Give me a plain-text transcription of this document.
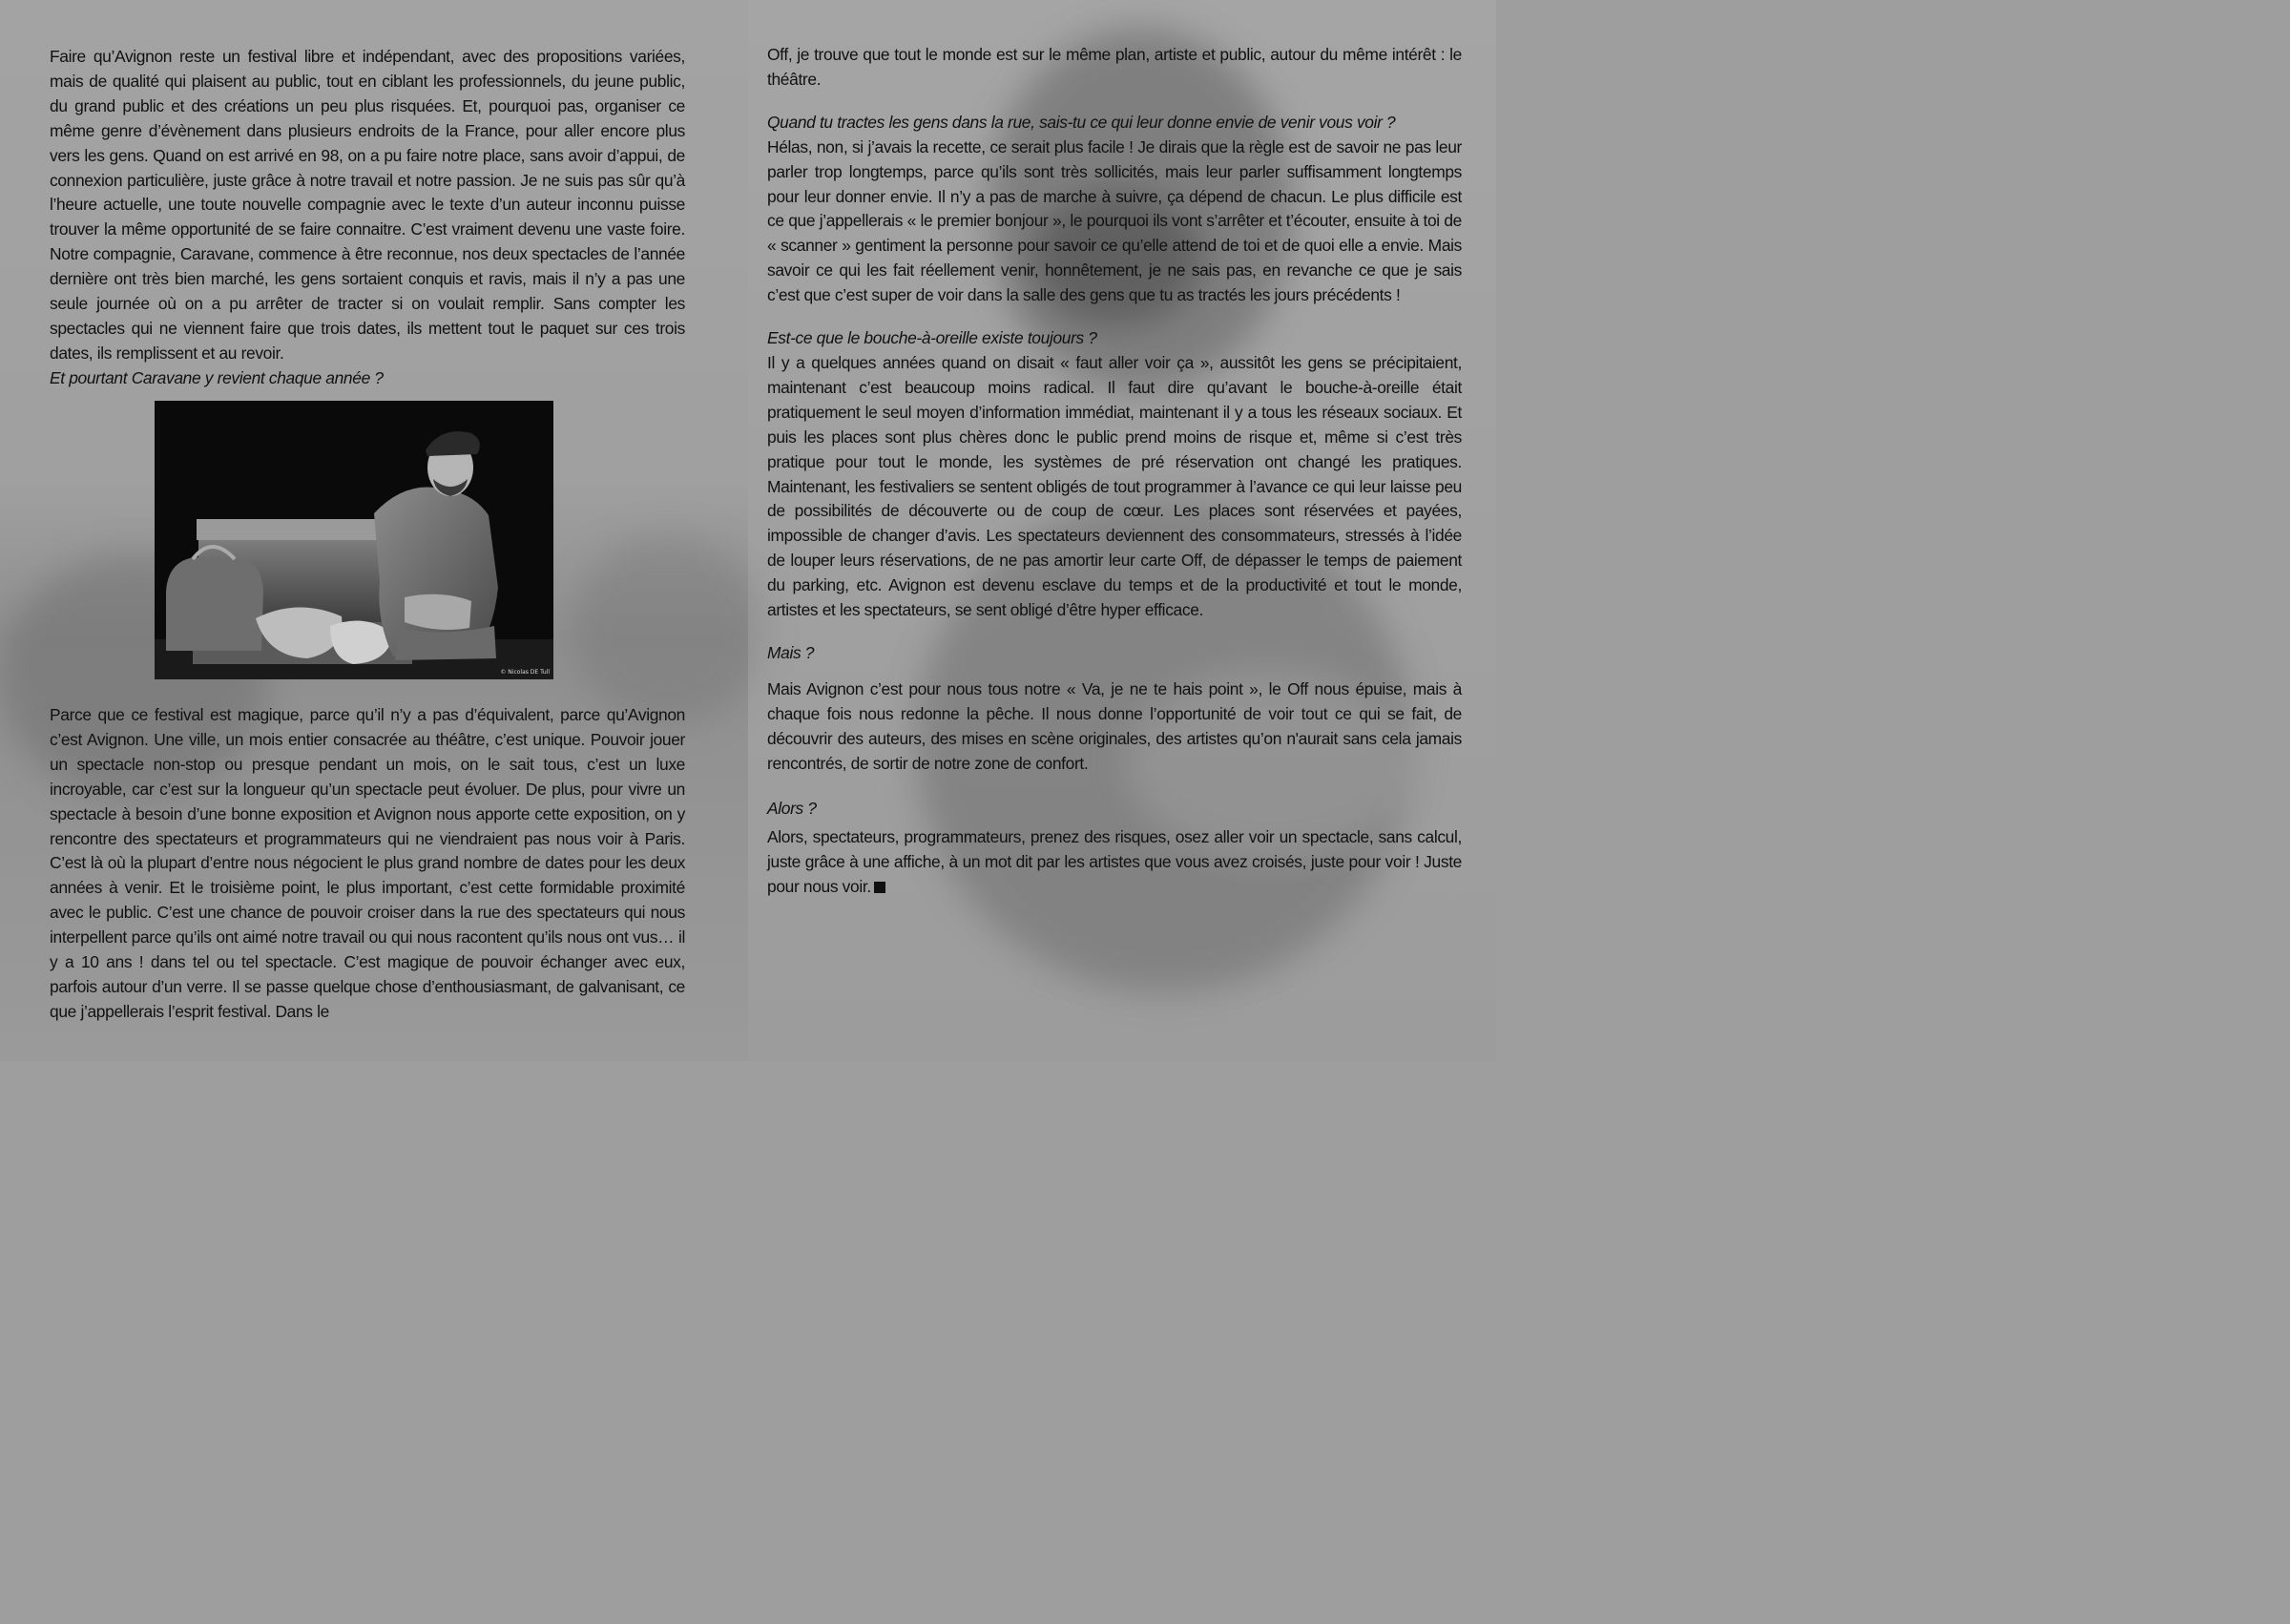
Faire qu’Avignon reste un festival libre et indépendant, avec des propositions variées, mais de qualité qui plaisent au public, tout en ciblant les professionnels, du jeune public, du grand public et des créations un peu plus risquées. Et, pourquoi pas, organiser ce même genre d’évènement dans plusieurs endroits de la France, pour aller encore plus vers les gens. Quand on est arrivé en 98, on a pu faire notre place, sans avoir d’appui, de connexion particulière, juste grâce à notre travail et notre passion. Je ne suis pas sûr qu’à l’heure actuelle, une toute nouvelle compagnie avec le texte d’un auteur inconnu puisse trouver la même opportunité de se faire connaitre. C’est vraiment devenu une vaste foire. Notre compagnie, Caravane, commence à être reconnue, nos deux spectacles de l’année dernière ont très bien marché, les gens sortaient conquis et ravis, mais il n’y a pas une seule journée où on a pu arrêter de tracter si on voulait remplir. Sans compter les spectacles qui ne viennent faire que trois dates, ils mettent tout le paquet sur ces trois dates, ils remplissent et au revoir.

Et pourtant Caravane y revient chaque année ?

© Nicolas DE Tull

Parce que ce festival est magique, parce qu’il n’y a pas d’équivalent, parce qu’Avignon c’est Avignon. Une ville, un mois entier consacrée au théâtre, c’est unique. Pouvoir jouer un spectacle non-stop ou presque pendant un mois, on le sait tous, c’est un luxe incroyable, car c’est sur la longueur qu’un spectacle peut évoluer. De plus, pour vivre un spectacle à besoin d’une bonne exposition et Avignon nous apporte cette exposition, on y rencontre des spectateurs et programmateurs qui ne viendraient pas nous voir à Paris. C’est là où la plupart d’entre nous négocient le plus grand nombre de dates pour les deux années à venir. Et le troisième point, le plus important, c’est cette formidable proximité avec le public. C’est une chance de pouvoir croiser dans la rue des spectateurs qui nous interpellent parce qu’ils ont aimé notre travail ou qui nous racontent qu’ils nous ont vus… il y a 10 ans ! dans tel ou tel spectacle. C’est magique de pouvoir échanger avec eux, parfois autour d’un verre. Il se passe quelque chose d’enthousiasmant, de galvanisant, ce que j’appellerais l’esprit festival. Dans le

Off, je trouve que tout le monde est sur le même plan, artiste et public, autour du même intérêt : le théâtre.

Quand tu tractes les gens dans la rue, sais-tu ce qui leur donne envie de venir vous voir ?

Hélas, non, si j’avais la recette, ce serait plus facile ! Je dirais que la règle est de savoir ne pas leur parler trop longtemps, parce qu’ils sont très sollicités, mais leur parler suffisamment longtemps pour leur donner envie. Il n’y a pas de marche à suivre, ça dépend de chacun. Le plus difficile est ce que j’appellerais « le premier bonjour », le pourquoi ils vont s’arrêter et t’écouter, ensuite à toi de « scanner » gentiment la personne pour savoir ce qu’elle attend de toi et de quoi elle a envie. Mais savoir ce qui les fait réellement venir, honnêtement, je ne sais pas, en revanche ce que je sais c’est que c’est super de voir dans la salle des gens que tu as tractés les jours précédents !

Est-ce que le bouche-à-oreille existe toujours ?

Il y a quelques années quand on disait « faut aller voir ça », aussitôt les gens se précipitaient, maintenant c’est beaucoup moins radical. Il faut dire qu’avant le bouche-à-oreille était pratiquement le seul moyen d’information immédiat, maintenant il y a tous les réseaux sociaux. Et puis les places sont plus chères donc le public prend moins de risque et, même si c’est très pratique pour tout le monde, les systèmes de pré réservation ont changé les pratiques. Maintenant, les festivaliers se sentent obligés de tout programmer à l’avance ce qui leur laisse peu de possibilités de découverte ou de coup de cœur. Les places sont réservées et payées, impossible de changer d’avis. Les spectateurs deviennent des consommateurs, stressés à l’idée de louper leurs réservations, de ne pas amortir leur carte Off, de dépasser le temps de paiement du parking, etc. Avignon est devenu esclave du temps et de la productivité et tout le monde, artistes et les spectateurs, se sent obligé d’être hyper efficace.

Mais ?

Mais Avignon c’est pour nous tous notre « Va, je ne te hais point », le Off nous épuise, mais à chaque fois nous redonne la pêche. Il nous donne l’opportunité de voir tout ce qui se fait, de découvrir des auteurs, des mises en scène originales, des artistes qu’on n'aurait sans cela jamais rencontrés, de sortir de notre zone de confort.

Alors ?

Alors, spectateurs, programmateurs, prenez des risques, osez aller voir un spectacle, sans calcul, juste grâce à une affiche, à un mot dit par les artistes que vous avez croisés, juste pour voir ! Juste pour nous voir.
